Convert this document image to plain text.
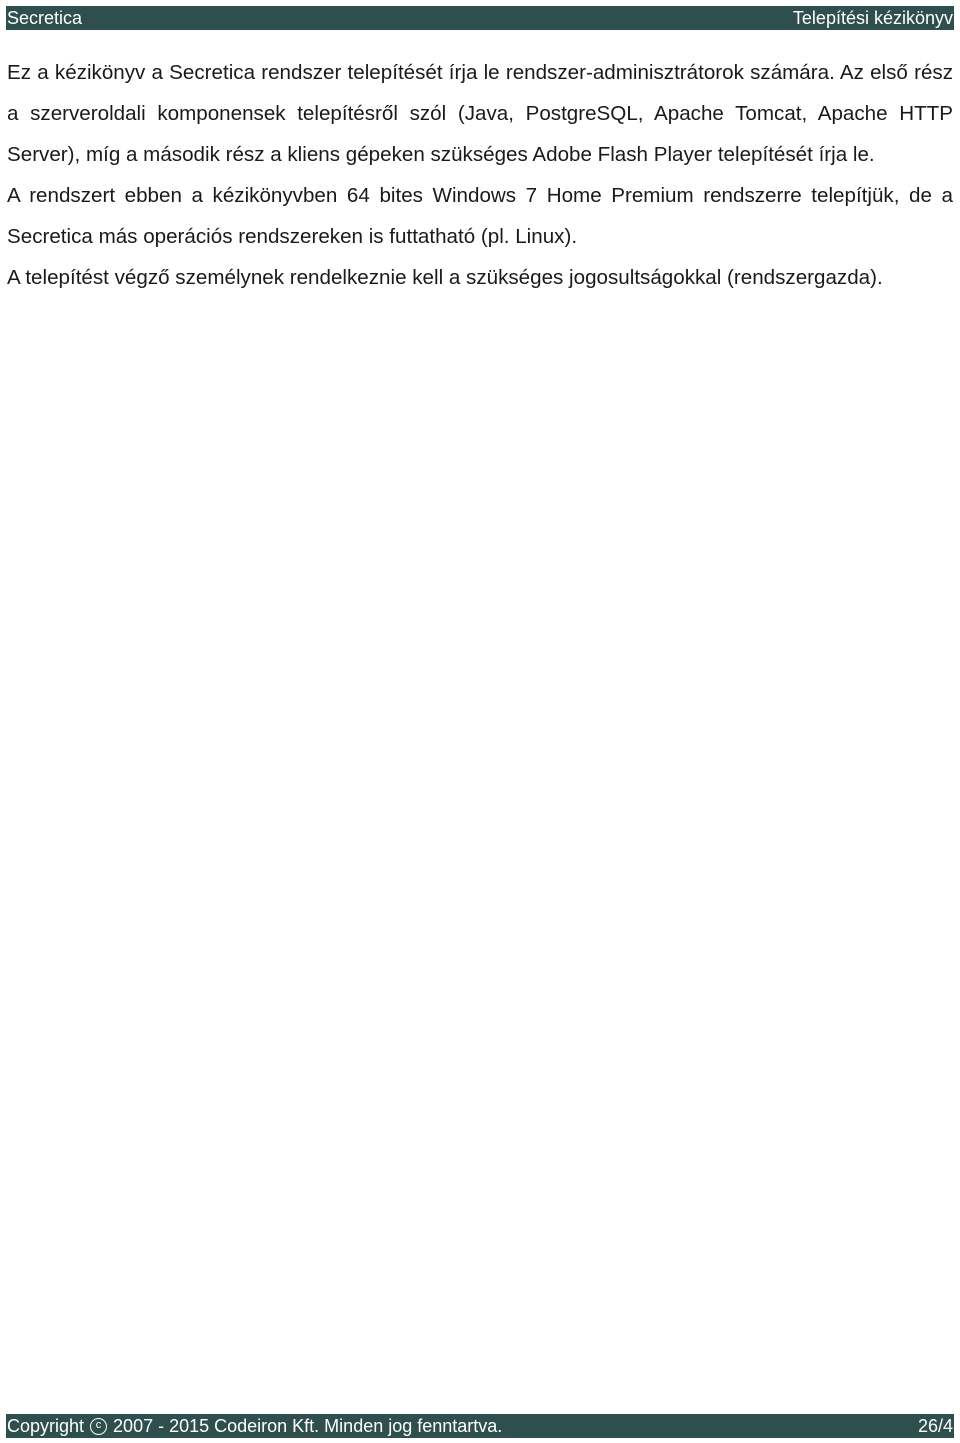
Secretica	Telepítési kézikönyv

Ez a kézikönyv a Secretica rendszer telepítését írja le rendszer-adminisztrátorok számára. Az első rész a szerveroldali komponensek telepítésről szól (Java, PostgreSQL, Apache Tomcat, Apache HTTP Server), míg a második rész a kliens gépeken szükséges Adobe Flash Player telepítését írja le.

A rendszert ebben a kézikönyvben 64 bites Windows 7 Home Premium rendszerre telepítjük, de a Secretica más operációs rendszereken is futtatható (pl. Linux).

A telepítést végző személynek rendelkeznie kell a szükséges jogosultságokkal (rendszergazda).

Copyright
c 2007 - 2015 Codeiron Kft. Minden jog fenntartva.	26/4
